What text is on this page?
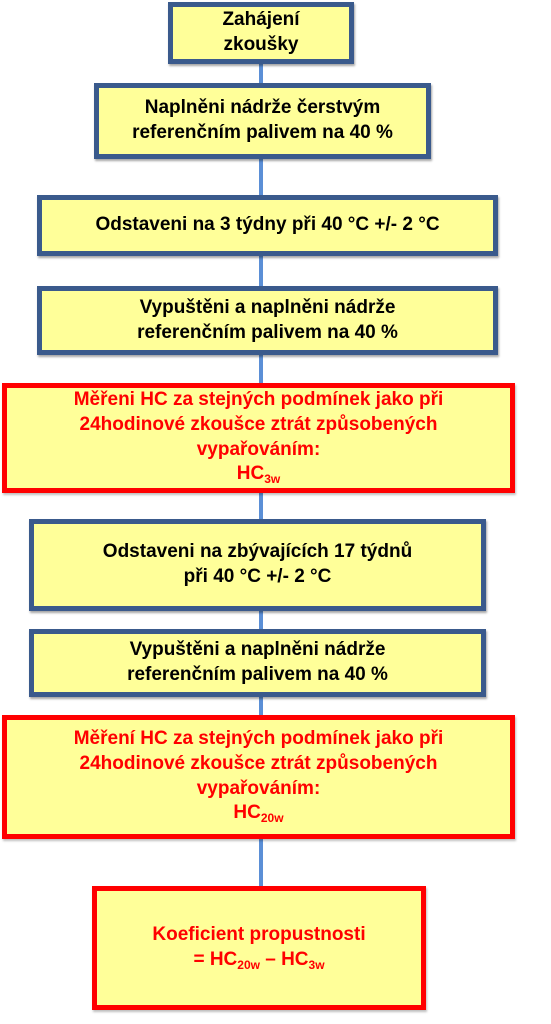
Zahájení
zkoušky
Naplněni nádrže čerstvým
referenčním palivem na 40 %
Odstaveni na 3 týdny při 40 °C +/- 2 °C
Vypuštěni a naplněni nádrže
referenčním palivem na 40 %
Měřeni HC za stejných podmínek jako při
24hodinové zkoušce ztrát způsobených
vypařováním:
$HC_{3w}$
Odstaveni na zbývajících 17 týdnů
při 40 °C +/- 2 °C
Vypuštěni a naplněni nádrže
referenčním palivem na 40 %
Měření HC za stejných podmínek jako při
24hodinové zkoušce ztrát způsobených
vypařováním:
$HC_{20w}$
Koeficient propustnosti
= $HC_{20w} - HC_{3w}$
